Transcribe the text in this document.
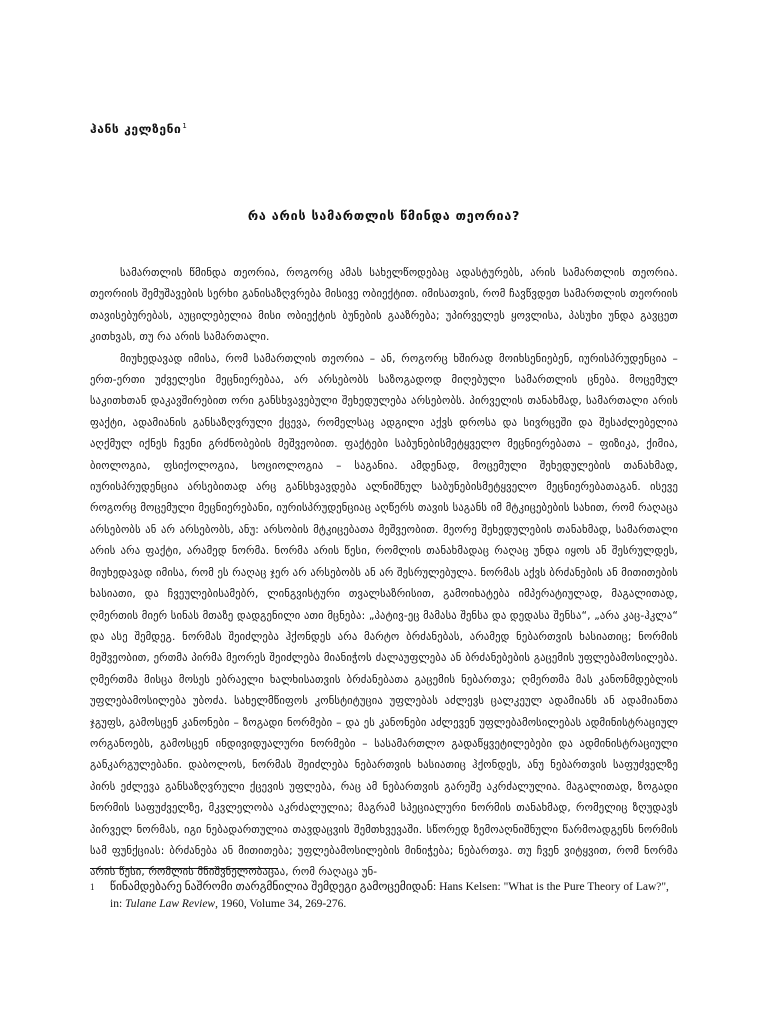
ჰანს კელზენი$^1$
რა არის სამართლის წმინდა თეორია?

სამართლის წმინდა თეორია, როგორც ამას სახელწოდებაც ადასტურებს, არის სამართლის თეორია. თეორიის შემუშავების სერხი განისაზღვრება მისივე ობიექტით. იმისათვის, რომ ჩავწვდეთ სამართლის თეორიის თავისებურებას, აუცილებელია მისი ობიექტის ბუნების გააზრება; უპირველეს ყოვლისა, პასუხი უნდა გავცეთ კითხვას, თუ რა არის სამართალი.

მიუხედავად იმისა, რომ სამართლის თეორია – ან, როგორც ხშირად მოიხსენიებენ, იურისპრუდენცია – ერთ-ერთი უძველესი მეცნიერებაა, არ არსებობს საზოგადოდ მიღებული სამართლის ცნება. მოცემულ საკითხთან დაკავშირებით ორი განსხვავებული შეხედულება არსებობს. პირველის თანახმად, სამართალი არის ფაქტი, ადამიანის განსაზღვრული ქცევა, რომელსაც ადგილი აქვს დროსა და სივრცეში და შესაძლებელია აღქმულ იქნეს ჩვენი გრძნობების მეშვეობით. ფაქტები საბუნებისმეტყველო მეცნიერებათა – ფიზიკა, ქიმია, ბიოლოგია, ფსიქოლოგია, სოციოლოგია – საგანია. ამდენად, მოცემული შეხედულების თანახმად, იურისპრუდენცია არსებითად არც განსხვავდება ალნიშნულ საბუნებისმეტყველო მეცნიერებათაგან. ისევე როგორც მოცემული მეცნიერებანი, იურისპრუდენციაც აღწერს თავის საგანს იმ მტკიცებების სახით, რომ რაღაცა არსებობს ან არ არსებობს, ანუ: არსობის მტკიცებათა მეშვეობით. მეორე შეხედულების თანახმად, სამართალი არის არა ფაქტი, არამედ ნორმა. ნორმა არის წესი, რომლის თანახმადაც რაღაც უნდა იყოს ან შესრულდეს, მიუხედავად იმისა, რომ ეს რაღაც ჯერ არ არსებობს ან არ შესრულებულა. ნორმას აქვს ბრძანების ან მითითების ხასიათი, და ჩვეულებისამებრ, ლინგვისტური თვალსაზრისით, გამოიხატება იმპერატიულად, მაგალითად, ღმერთის მიერ სინას მთაზე დადგენილი ათი მცნება: „პატივ-ეც მამასა შენსა და დედასა შენსა“, „არა კაც-ჰკლა“ და ასე შემდეგ. ნორმას შეიძლება ჰქონდეს არა მარტო ბრძანებას, არამედ ნებართვის ხასიათიც; ნორმის მეშვეობით, ერთმა პირმა მეორეს შეიძლება მიანიჭოს ძალაუფლება ან ბრძანებების გაცემის უფლებამოსილება. ღმერთმა მისცა მოსეს ებრაელი ხალხისათვის ბრძანებათა გაცემის ნებართვა; ღმერთმა მას კანონმდებლის უფლებამოსილება უბოძა. სახელმწიფოს კონსტიტუცია უფლებას აძლევს ცალკეულ ადამიანს ან ადამიანთა ჯგუფს, გამოსცენ კანონები – ზოგადი ნორმები – და ეს კანონები აძლევენ უფლებამოსილებას ადმინისტრაციულ ორგანოებს, გამოსცენ ინდივიდუალური ნორმები – სასამართლო გადაწყვეტილებები და ადმინისტრაციული განკარგულებანი. დაბოლოს, ნორმას შეიძლება ნებართვის ხასიათიც ჰქონდეს, ანუ ნებართვის საფუძველზე პირს ეძლევა განსაზღვრული ქცევის უფლება, რაც ამ ნებართვის გარეშე აკრძალულია. მაგალითად, ზოგადი ნორმის საფუძველზე, მკვლელობა აკრძალულია; მაგრამ სპეციალური ნორმის თანახმად, რომელიც ზღუდავს პირველ ნორმას, იგი ნებადართულია თავდაცვის შემთხვევაში. სწორედ ზემოაღნიშნული წარმოადგენს ნორმის სამ ფუნქციას: ბრძანება ან მითითება; უფლებამოსილების მინიჭება; ნებართვა. თუ ჩვენ ვიტყვით, რომ ნორმა არის წესი, რომლის მნიშვნელობაცაა, რომ რაღაცა უნ-

1 წინამდებარე ნაშრომი თარგმნილია შემდეგი გამოცემიდან: Hans Kelsen: "What is the Pure Theory of Law?", in: Tulane Law Review, 1960, Volume 34, 269-276.
